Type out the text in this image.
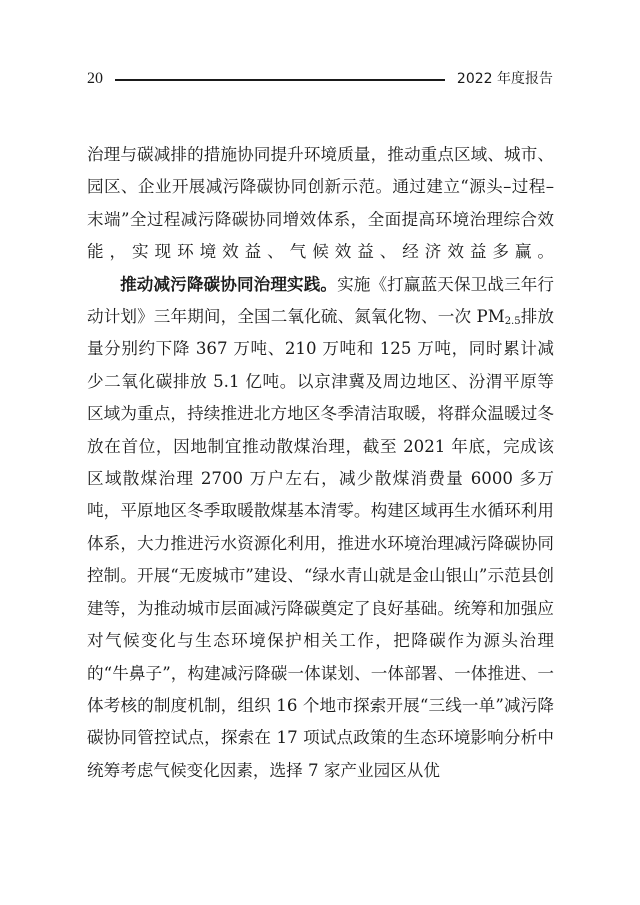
20	2022 年度报告

治理与碳减排的措施协同提升环境质量，推动重点区域、城市、园区、企业开展减污降碳协同创新示范。通过建立“源头–过程–末端”全过程减污降碳协同增效体系，全面提高环境治理综合效能，实现环境效益、气候效益、经济效益多赢。

推动减污降碳协同治理实践。实施《打赢蓝天保卫战三年行动计划》三年期间，全国二氧化硫、氮氧化物、一次 $PM_{2.5}$排放量分别约下降 367 万吨、210 万吨和 125 万吨，同时累计减少二氧化碳排放 5.1 亿吨。以京津冀及周边地区、汾渭平原等区域为重点，持续推进北方地区冬季清洁取暖，将群众温暖过冬放在首位，因地制宜推动散煤治理，截至 2021 年底，完成该区域散煤治理 2700 万户左右，减少散煤消费量 6000 多万吨，平原地区冬季取暖散煤基本清零。构建区域再生水循环利用体系，大力推进污水资源化利用，推进水环境治理减污降碳协同控制。开展“无废城市”建设、“绿水青山就是金山银山”示范县创建等，为推动城市层面减污降碳奠定了良好基础。统筹和加强应对气候变化与生态环境保护相关工作，把降碳作为源头治理的“牛鼻子”，构建减污降碳一体谋划、一体部署、一体推进、一体考核的制度机制，组织 16 个地市探索开展“三线一单”减污降碳协同管控试点，探索在 17 项试点政策的生态环境影响分析中统筹考虑气候变化因素，选择 7 家产业园区从优
